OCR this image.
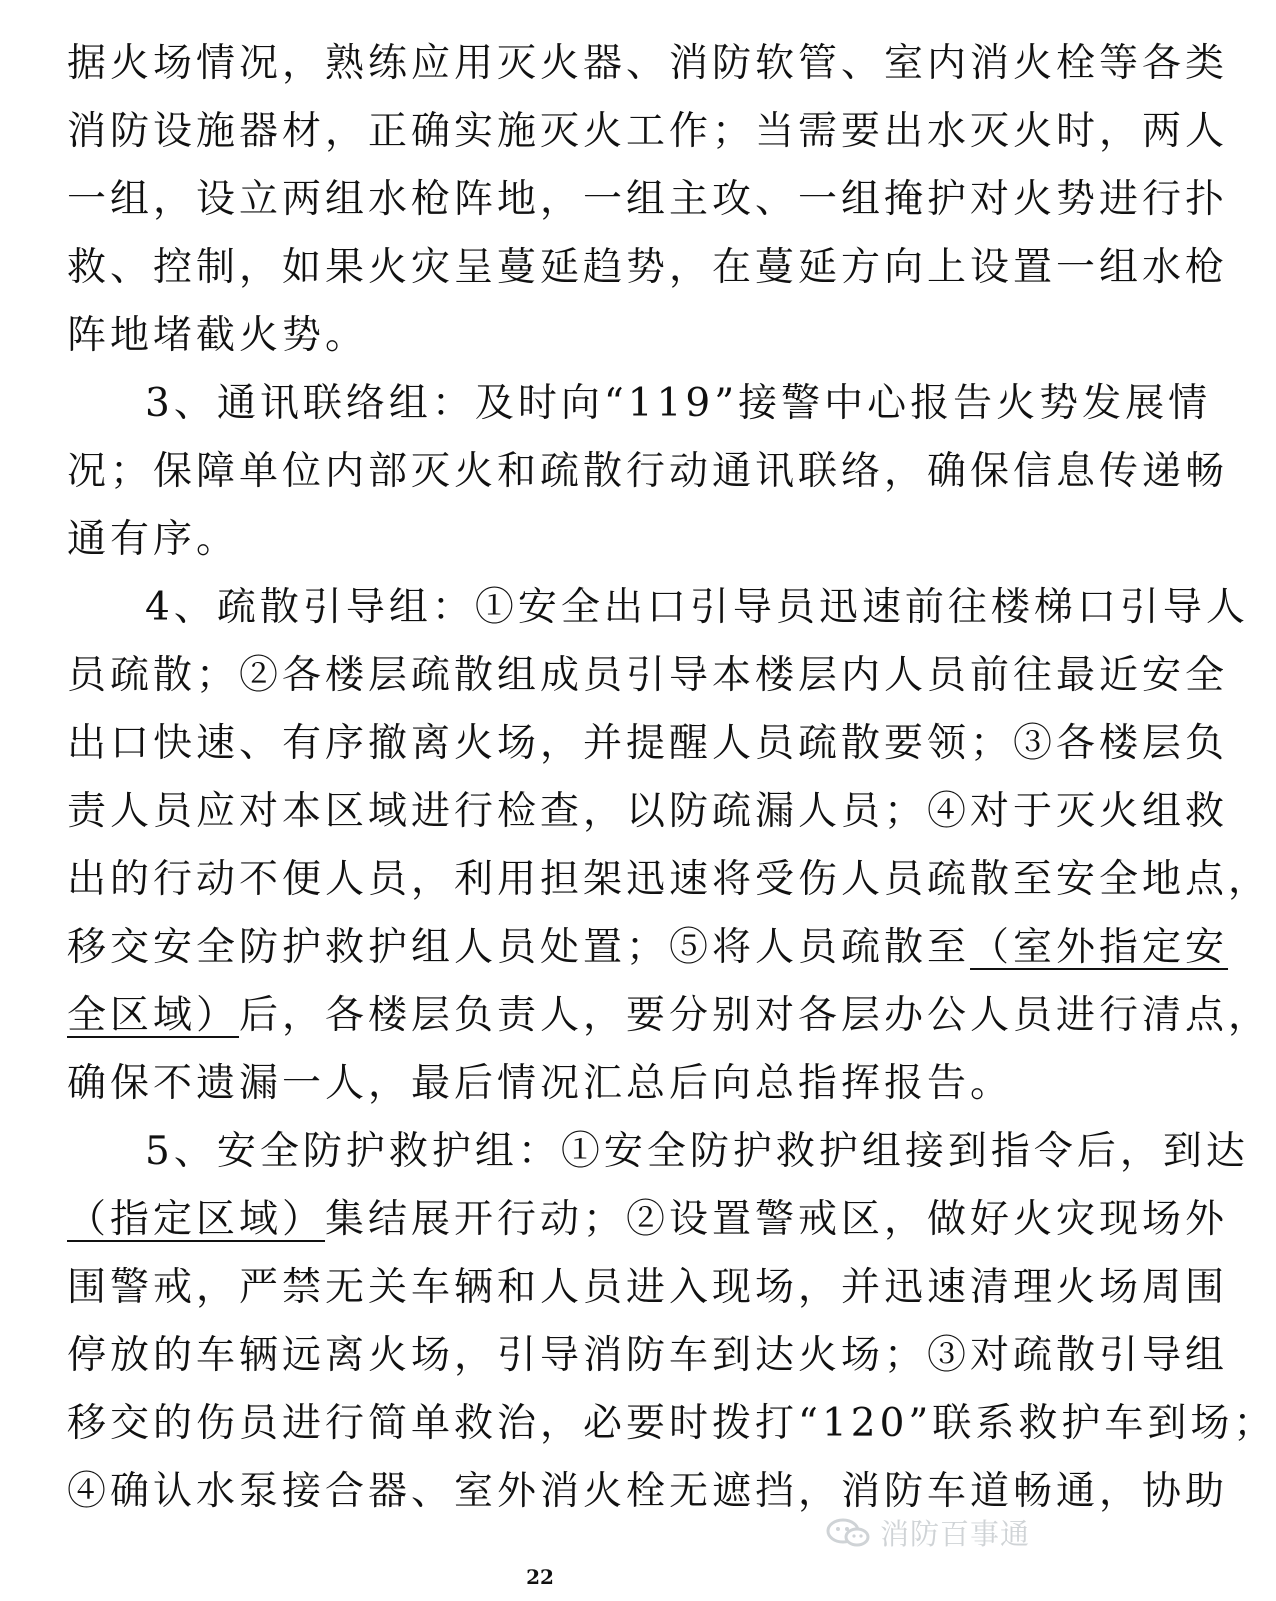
据火场情况，熟练应用灭火器、消防软管、室内消火栓等各类
消防设施器材，正确实施灭火工作；当需要出水灭火时，两人
一组，设立两组水枪阵地，一组主攻、一组掩护对火势进行扑
救、控制，如果火灾呈蔓延趋势，在蔓延方向上设置一组水枪
阵地堵截火势。
3、通讯联络组：及时向“119”接警中心报告火势发展情
况；保障单位内部灭火和疏散行动通讯联络，确保信息传递畅
通有序。
4、疏散引导组：①安全出口引导员迅速前往楼梯口引导人
员疏散；②各楼层疏散组成员引导本楼层内人员前往最近安全
出口快速、有序撤离火场，并提醒人员疏散要领；③各楼层负
责人员应对本区域进行检查，以防疏漏人员；④对于灭火组救
出的行动不便人员，利用担架迅速将受伤人员疏散至安全地点，
移交安全防护救护组人员处置；⑤将人员疏散至（室外指定安
全区域）后，各楼层负责人，要分别对各层办公人员进行清点，
确保不遗漏一人，最后情况汇总后向总指挥报告。
5、安全防护救护组：①安全防护救护组接到指令后，到达
（指定区域）集结展开行动；②设置警戒区，做好火灾现场外
围警戒，严禁无关车辆和人员进入现场，并迅速清理火场周围
停放的车辆远离火场，引导消防车到达火场；③对疏散引导组
移交的伤员进行简单救治，必要时拨打“120”联系救护车到场；
④确认水泵接合器、室外消火栓无遮挡，消防车道畅通，协助
消防百事通
22
